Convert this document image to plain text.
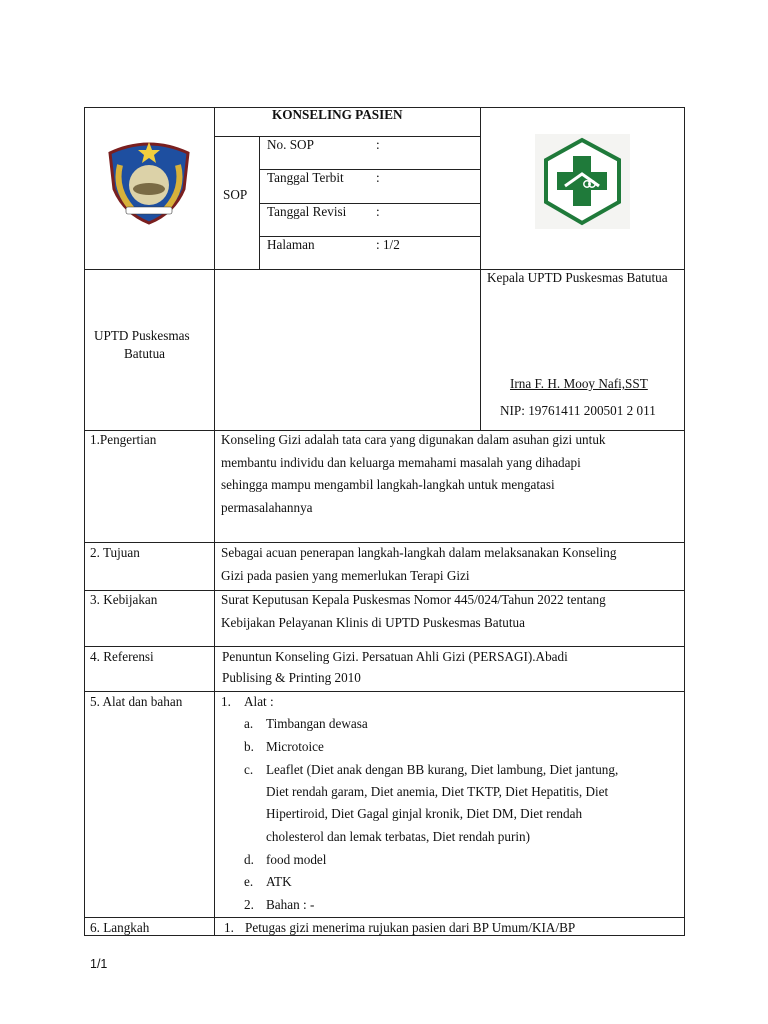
KONSELING PASIEN
SOP
No. SOP	:
Tanggal Terbit :
Tanggal Revisi :
Halaman	: 1/2
UPTD Puskesmas
Batutua
Kepala UPTD Puskesmas Batutua
Irna F. H. Mooy Nafi,SST
NIP: 19761411 200501 2 011
1.Pengertian	Konseling Gizi adalah tata cara yang digunakan dalam asuhan gizi untuk
membantu individu dan keluarga memahami masalah yang dihadapi
sehingga mampu mengambil langkah-langkah untuk mengatasi
permasalahannya
2. Tujuan	Sebagai acuan penerapan langkah-langkah dalam melaksanakan Konseling
Gizi pada pasien yang memerlukan Terapi Gizi
3. Kebijakan	Surat Keputusan Kepala Puskesmas Nomor 445/024/Tahun 2022 tentang
Kebijakan Pelayanan Klinis di UPTD Puskesmas Batutua
4. Referensi	Penuntun Konseling Gizi. Persatuan Ahli Gizi (PERSAGI).Abadi
Publising & Printing 2010
5. Alat dan bahan	1. Alat :
a. Timbangan dewasa
b. Microtoice
c. Leaflet (Diet anak dengan BB kurang, Diet lambung, Diet jantung,
Diet rendah garam, Diet anemia, Diet TKTP, Diet Hepatitis, Diet
Hipertiroid, Diet Gagal ginjal kronik, Diet DM, Diet rendah
cholesterol dan lemak terbatas, Diet rendah purin)
d. food model
e. ATK
2. Bahan : -
6. Langkah	1. Petugas gizi menerima rujukan pasien dari BP Umum/KIA/BP
1/1
